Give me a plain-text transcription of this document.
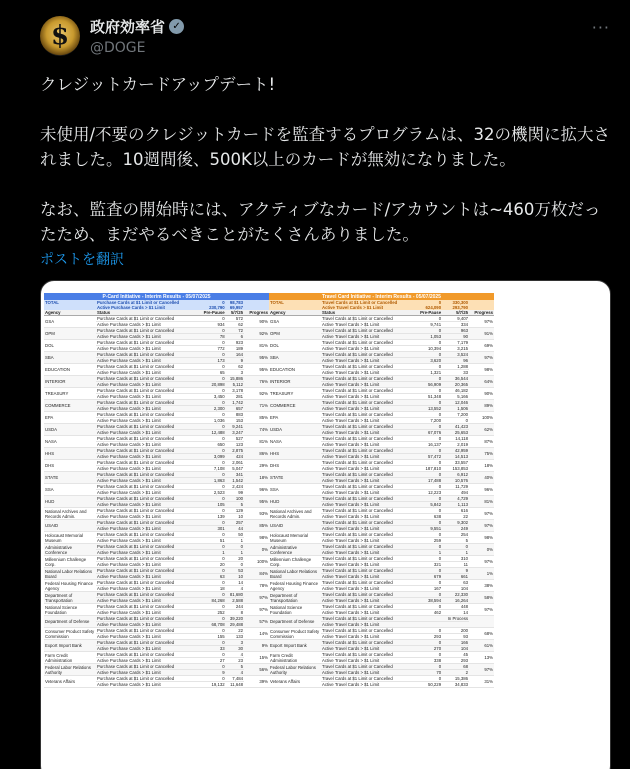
$ 政府効率省 ✓
@DOGE
···

クレジットカードアップデート!

未使用/不要のクレジットカードを監査するプログラムは、32の機関に拡大されました。10週間後、500K以上のカードが無効になりました。

なお、監査の開始時には、アクティブなカード/アカウントは~460万枚だったため、まだやるべきことがたくさんありました。

ポストを翻訳
P-Card Initiative - Interim Results - 05/07/2025				
TOTAL	Purchase Cards at $1 Limit or Cancelled	0	98,783	
	Active Purchase Cards > $1 Limit	230,790	69,957	
Agency	Status	Pre-Pause	5/7/25	Progress
GSA	Purchase Cards at $1 Limit or Cancelled	0	572	90%
	Active Purchase Cards > $1 Limit	934	62	
OPM	Purchase Cards at $1 Limit or Cancelled	0	72	92%
	Active Purchase Cards > $1 Limit	78	6	
DOL	Purchase Cards at $1 Limit or Cancelled	0	923	81%
	Active Purchase Cards > $1 Limit	772	189	
SBA	Purchase Cards at $1 Limit or Cancelled	0	164	95%
	Active Purchase Cards > $1 Limit	173	9	
EDUCATION	Purchase Cards at $1 Limit or Cancelled	0	62	95%
	Active Purchase Cards > $1 Limit	65	3	
INTERIOR	Purchase Cards at $1 Limit or Cancelled	0	15,886	76%
	Active Purchase Cards > $1 Limit	20,898	5,112	
TREASURY	Purchase Cards at $1 Limit or Cancelled	0	3,178	92%
	Active Purchase Cards > $1 Limit	3,450	281	
COMMERCE	Purchase Cards at $1 Limit or Cancelled	0	1,742	71%
	Active Purchase Cards > $1 Limit	2,300	657	
EPA	Purchase Cards at $1 Limit or Cancelled	0	883	85%
	Active Purchase Cards > $1 Limit	1,036	153	
USDA	Purchase Cards at $1 Limit or Cancelled	0	9,241	74%
	Active Purchase Cards > $1 Limit	12,488	3,247	
NASA	Purchase Cards at $1 Limit or Cancelled	0	527	81%
	Active Purchase Cards > $1 Limit	650	123	
HHS	Purchase Cards at $1 Limit or Cancelled	0	2,875	86%
	Active Purchase Cards > $1 Limit	3,099	424	
DHS	Purchase Cards at $1 Limit or Cancelled	0	2,061	29%
	Active Purchase Cards > $1 Limit	7,108	5,047	
STATE	Purchase Cards at $1 Limit or Cancelled	0	341	18%
	Active Purchase Cards > $1 Limit	1,863	1,542	
SSA	Purchase Cards at $1 Limit or Cancelled	0	2,424	96%
	Active Purchase Cards > $1 Limit	2,523	99	
HUD	Purchase Cards at $1 Limit or Cancelled	0	100	95%
	Active Purchase Cards > $1 Limit	105	5	
National Archives and Records Admin.	Purchase Cards at $1 Limit or Cancelled	0	129	93%
	Active Purchase Cards > $1 Limit	139	10	
USAID	Purchase Cards at $1 Limit or Cancelled	0	257	85%
	Active Purchase Cards > $1 Limit	301	44	
Holocaust Memorial Museum	Purchase Cards at $1 Limit or Cancelled	0	50	98%
	Active Purchase Cards > $1 Limit	51	1	
Administrative Conference	Purchase Cards at $1 Limit or Cancelled	0	0	0%
	Active Purchase Cards > $1 Limit	1	1	
Millennium Challenge Corp.	Purchase Cards at $1 Limit or Cancelled	0	20	100%
	Active Purchase Cards > $1 Limit	20	0	
National Labor Relations Board	Purchase Cards at $1 Limit or Cancelled	0	53	84%
	Active Purchase Cards > $1 Limit	63	10	
Federal Housing Finance Agency	Purchase Cards at $1 Limit or Cancelled	0	14	78%
	Active Purchase Cards > $1 Limit	18	4	
Department of Transportation	Purchase Cards at $1 Limit or Cancelled	0	81,680	97%
	Active Purchase Cards > $1 Limit	84,268	2,588	
National Science Foundation	Purchase Cards at $1 Limit or Cancelled	0	244	97%
	Active Purchase Cards > $1 Limit	252	8	
Department of Defense	Purchase Cards at $1 Limit or Cancelled	0	39,220	57%
	Active Purchase Cards > $1 Limit	68,708	29,488	
Consumer Product Safety Commission	Purchase Cards at $1 Limit or Cancelled	0	22	14%
	Active Purchase Cards > $1 Limit	155	133	
Export Import Bank	Purchase Cards at $1 Limit or Cancelled	0	3	9%
	Active Purchase Cards > $1 Limit	33	30	
Farm Credit Administration	Purchase Cards at $1 Limit or Cancelled	0	4	15%
	Active Purchase Cards > $1 Limit	27	23	
Federal Labor Relations Authority	Purchase Cards at $1 Limit or Cancelled	0	5	56%
	Active Purchase Cards > $1 Limit	9	4	
Veterans Affairs	Purchase Cards at $1 Limit or Cancelled	0	7,484	39%
	Active Purchase Cards > $1 Limit	19,132	11,648	
Travel Card Initiative - Interim Results - 05/07/2025				
TOTAL	Travel Cards at $1 Limit or Cancelled	0	330,300	
	Active Travel Cards > $1 Limit	624,090	293,790	
Agency	Status	Pre-Pause	5/7/25	Progress
GSA	Travel Cards at $1 Limit or Cancelled	0	9,407	97%
	Active Travel Cards > $1 Limit	9,741	334	
OPM	Travel Cards at $1 Limit or Cancelled	0	963	91%
	Active Travel Cards > $1 Limit	1,053	90	
DOL	Travel Cards at $1 Limit or Cancelled	0	7,179	69%
	Active Travel Cards > $1 Limit	10,394	3,215	
SBA	Travel Cards at $1 Limit or Cancelled	0	3,524	97%
	Active Travel Cards > $1 Limit	3,620	96	
EDUCATION	Travel Cards at $1 Limit or Cancelled	0	1,288	98%
	Active Travel Cards > $1 Limit	1,321	33	
INTERIOR	Travel Cards at $1 Limit or Cancelled	0	36,544	64%
	Active Travel Cards > $1 Limit	56,909	20,365	
TREASURY	Travel Cards at $1 Limit or Cancelled	0	46,182	90%
	Active Travel Cards > $1 Limit	51,348	5,166	
COMMERCE	Travel Cards at $1 Limit or Cancelled	0	12,046	89%
	Active Travel Cards > $1 Limit	13,552	1,506	
EPA	Travel Cards at $1 Limit or Cancelled	0	7,200	100%
	Active Travel Cards > $1 Limit	7,200	0	
USDA	Travel Cards at $1 Limit or Cancelled	0	41,423	62%
	Active Travel Cards > $1 Limit	67,076	25,653	
NASA	Travel Cards at $1 Limit or Cancelled	0	14,118	87%
	Active Travel Cards > $1 Limit	16,137	2,019	
HHS	Travel Cards at $1 Limit or Cancelled	0	42,959	75%
	Active Travel Cards > $1 Limit	57,472	14,513	
DHS	Travel Cards at $1 Limit or Cancelled	0	33,557	18%
	Active Travel Cards > $1 Limit	187,810	153,853	
STATE	Travel Cards at $1 Limit or Cancelled	0	6,912	40%
	Active Travel Cards > $1 Limit	17,488	10,576	
SSA	Travel Cards at $1 Limit or Cancelled	0	11,729	96%
	Active Travel Cards > $1 Limit	12,223	494	
HUD	Travel Cards at $1 Limit or Cancelled	0	4,729	81%
	Active Travel Cards > $1 Limit	5,842	1,113	
National Archives and Records Admin.	Travel Cards at $1 Limit or Cancelled	0	616	97%
	Active Travel Cards > $1 Limit	638	22	
USAID	Travel Cards at $1 Limit or Cancelled	0	9,302	97%
	Active Travel Cards > $1 Limit	9,551	249	
Holocaust Memorial Museum	Travel Cards at $1 Limit or Cancelled	0	254	98%
	Active Travel Cards > $1 Limit	259	5	
Administrative Conference	Travel Cards at $1 Limit or Cancelled	0	0	0%
	Active Travel Cards > $1 Limit	1	1	
Millennium Challenge Corp.	Travel Cards at $1 Limit or Cancelled	0	310	97%
	Active Travel Cards > $1 Limit	321	11	
National Labor Relations Board	Travel Cards at $1 Limit or Cancelled	0	9	1%
	Active Travel Cards > $1 Limit	679	661	
Federal Housing Finance Agency	Travel Cards at $1 Limit or Cancelled	0	63	38%
	Active Travel Cards > $1 Limit	167	104	
Department of Transportation	Travel Cards at $1 Limit or Cancelled	0	22,330	58%
	Active Travel Cards > $1 Limit	38,594	16,264	
National Science Foundation	Travel Cards at $1 Limit or Cancelled	0	448	97%
	Active Travel Cards > $1 Limit	462	14	
Department of Defense	Travel Cards at $1 Limit or Cancelled		In Process	
	Active Travel Cards > $1 Limit			
Consumer Product Safety Commission	Travel Cards at $1 Limit or Cancelled	0	200	68%
	Active Travel Cards > $1 Limit	293	93	
Export Import Bank	Travel Cards at $1 Limit or Cancelled	0	166	61%
	Active Travel Cards > $1 Limit	270	104	
Farm Credit Administration	Travel Cards at $1 Limit or Cancelled	0	45	13%
	Active Travel Cards > $1 Limit	338	293	
Federal Labor Relations Authority	Travel Cards at $1 Limit or Cancelled	0	68	97%
	Active Travel Cards > $1 Limit	70	2	
Veterans Affairs	Travel Cards at $1 Limit or Cancelled	0	15,386	31%
	Active Travel Cards > $1 Limit	50,229	34,833	
